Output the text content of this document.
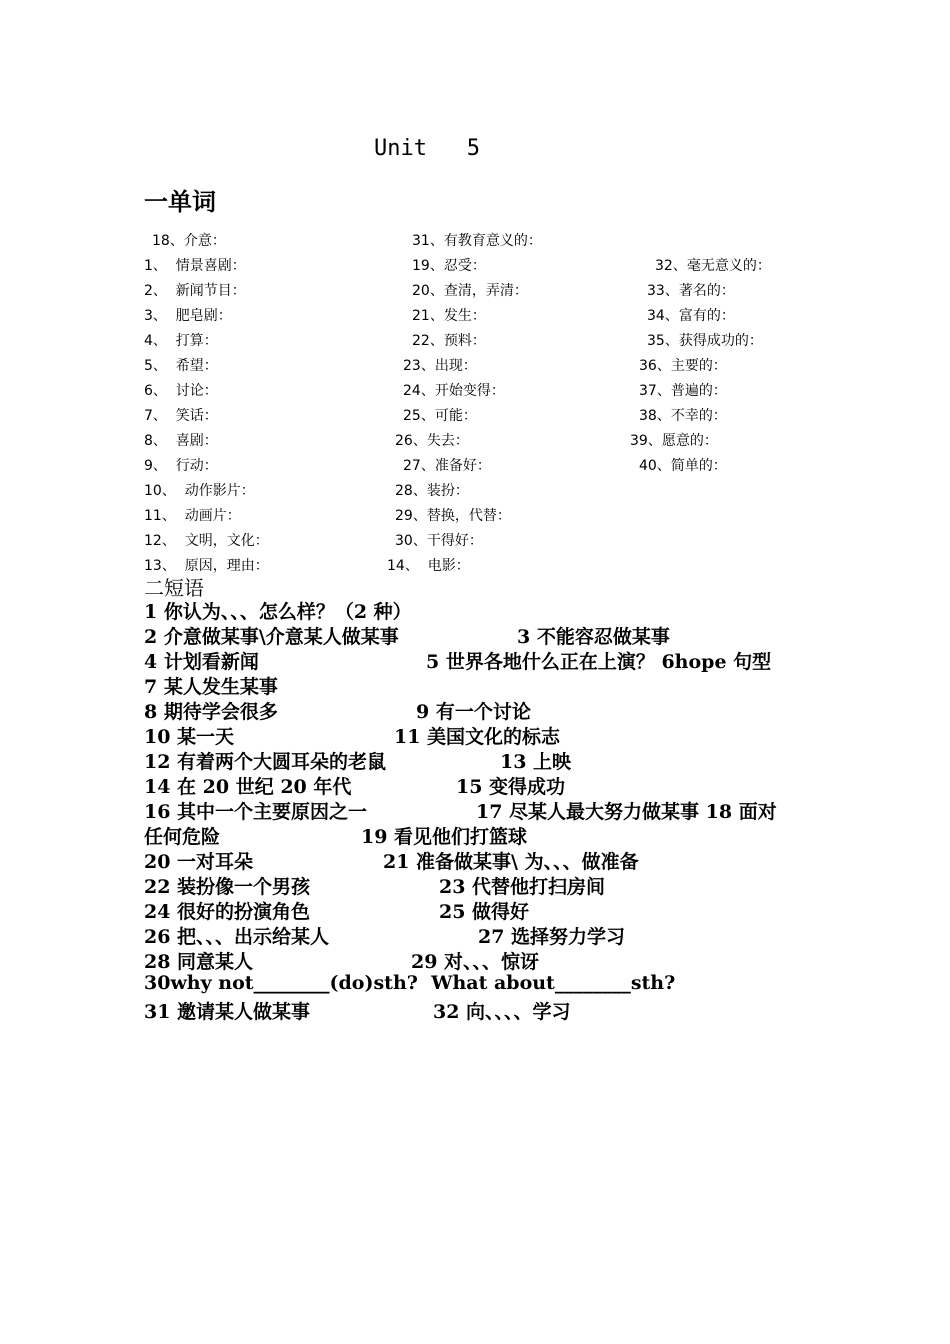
Unit   5
一单词
18、介意：	31、有教育意义的：
1、  情景喜剧：	19、忍受：	32、毫无意义的：
2、  新闻节目：	20、查清，弄清：	33、著名的：
3、  肥皂剧：	21、发生：	34、富有的：
4、  打算：	22、预料：	35、获得成功的：
5、  希望：	23、出现：	36、主要的：
6、  讨论：	24、开始变得：	37、普遍的：
7、  笑话：	25、可能：	38、不幸的：
8、  喜剧：	26、失去：	39、愿意的：
9、  行动：	27、准备好：	40、简单的：
10、  动作影片：	28、装扮：
11、  动画片：	29、替换，代替：
12、  文明，文化：	30、干得好：
13、  原因，理由：	14、  电影：
二短语
1 你认为、、、怎么样？（2 种）
2 介意做某事\介意某人做某事	3 不能容忍做某事
4 计划看新闻	5 世界各地什么正在上演？ 6hope 句型
7 某人发生某事
8 期待学会很多	9 有一个讨论
10 某一天	11 美国文化的标志
12 有着两个大圆耳朵的老鼠	13 上映
14 在 20 世纪 20 年代	15 变得成功
16 其中一个主要原因之一	17 尽某人最大努力做某事 18 面对
任何危险	19 看见他们打篮球
20 一对耳朵	21 准备做某事\ 为、、、做准备
22 装扮像一个男孩	23 代替他打扫房间
24 很好的扮演角色	25 做得好
26 把、、、出示给某人	27 选择努力学习
28 同意某人	29 对、、、惊讶
30why not________(do)sth?  What about________sth?
31 邀请某人做某事	32 向、、、、学习
